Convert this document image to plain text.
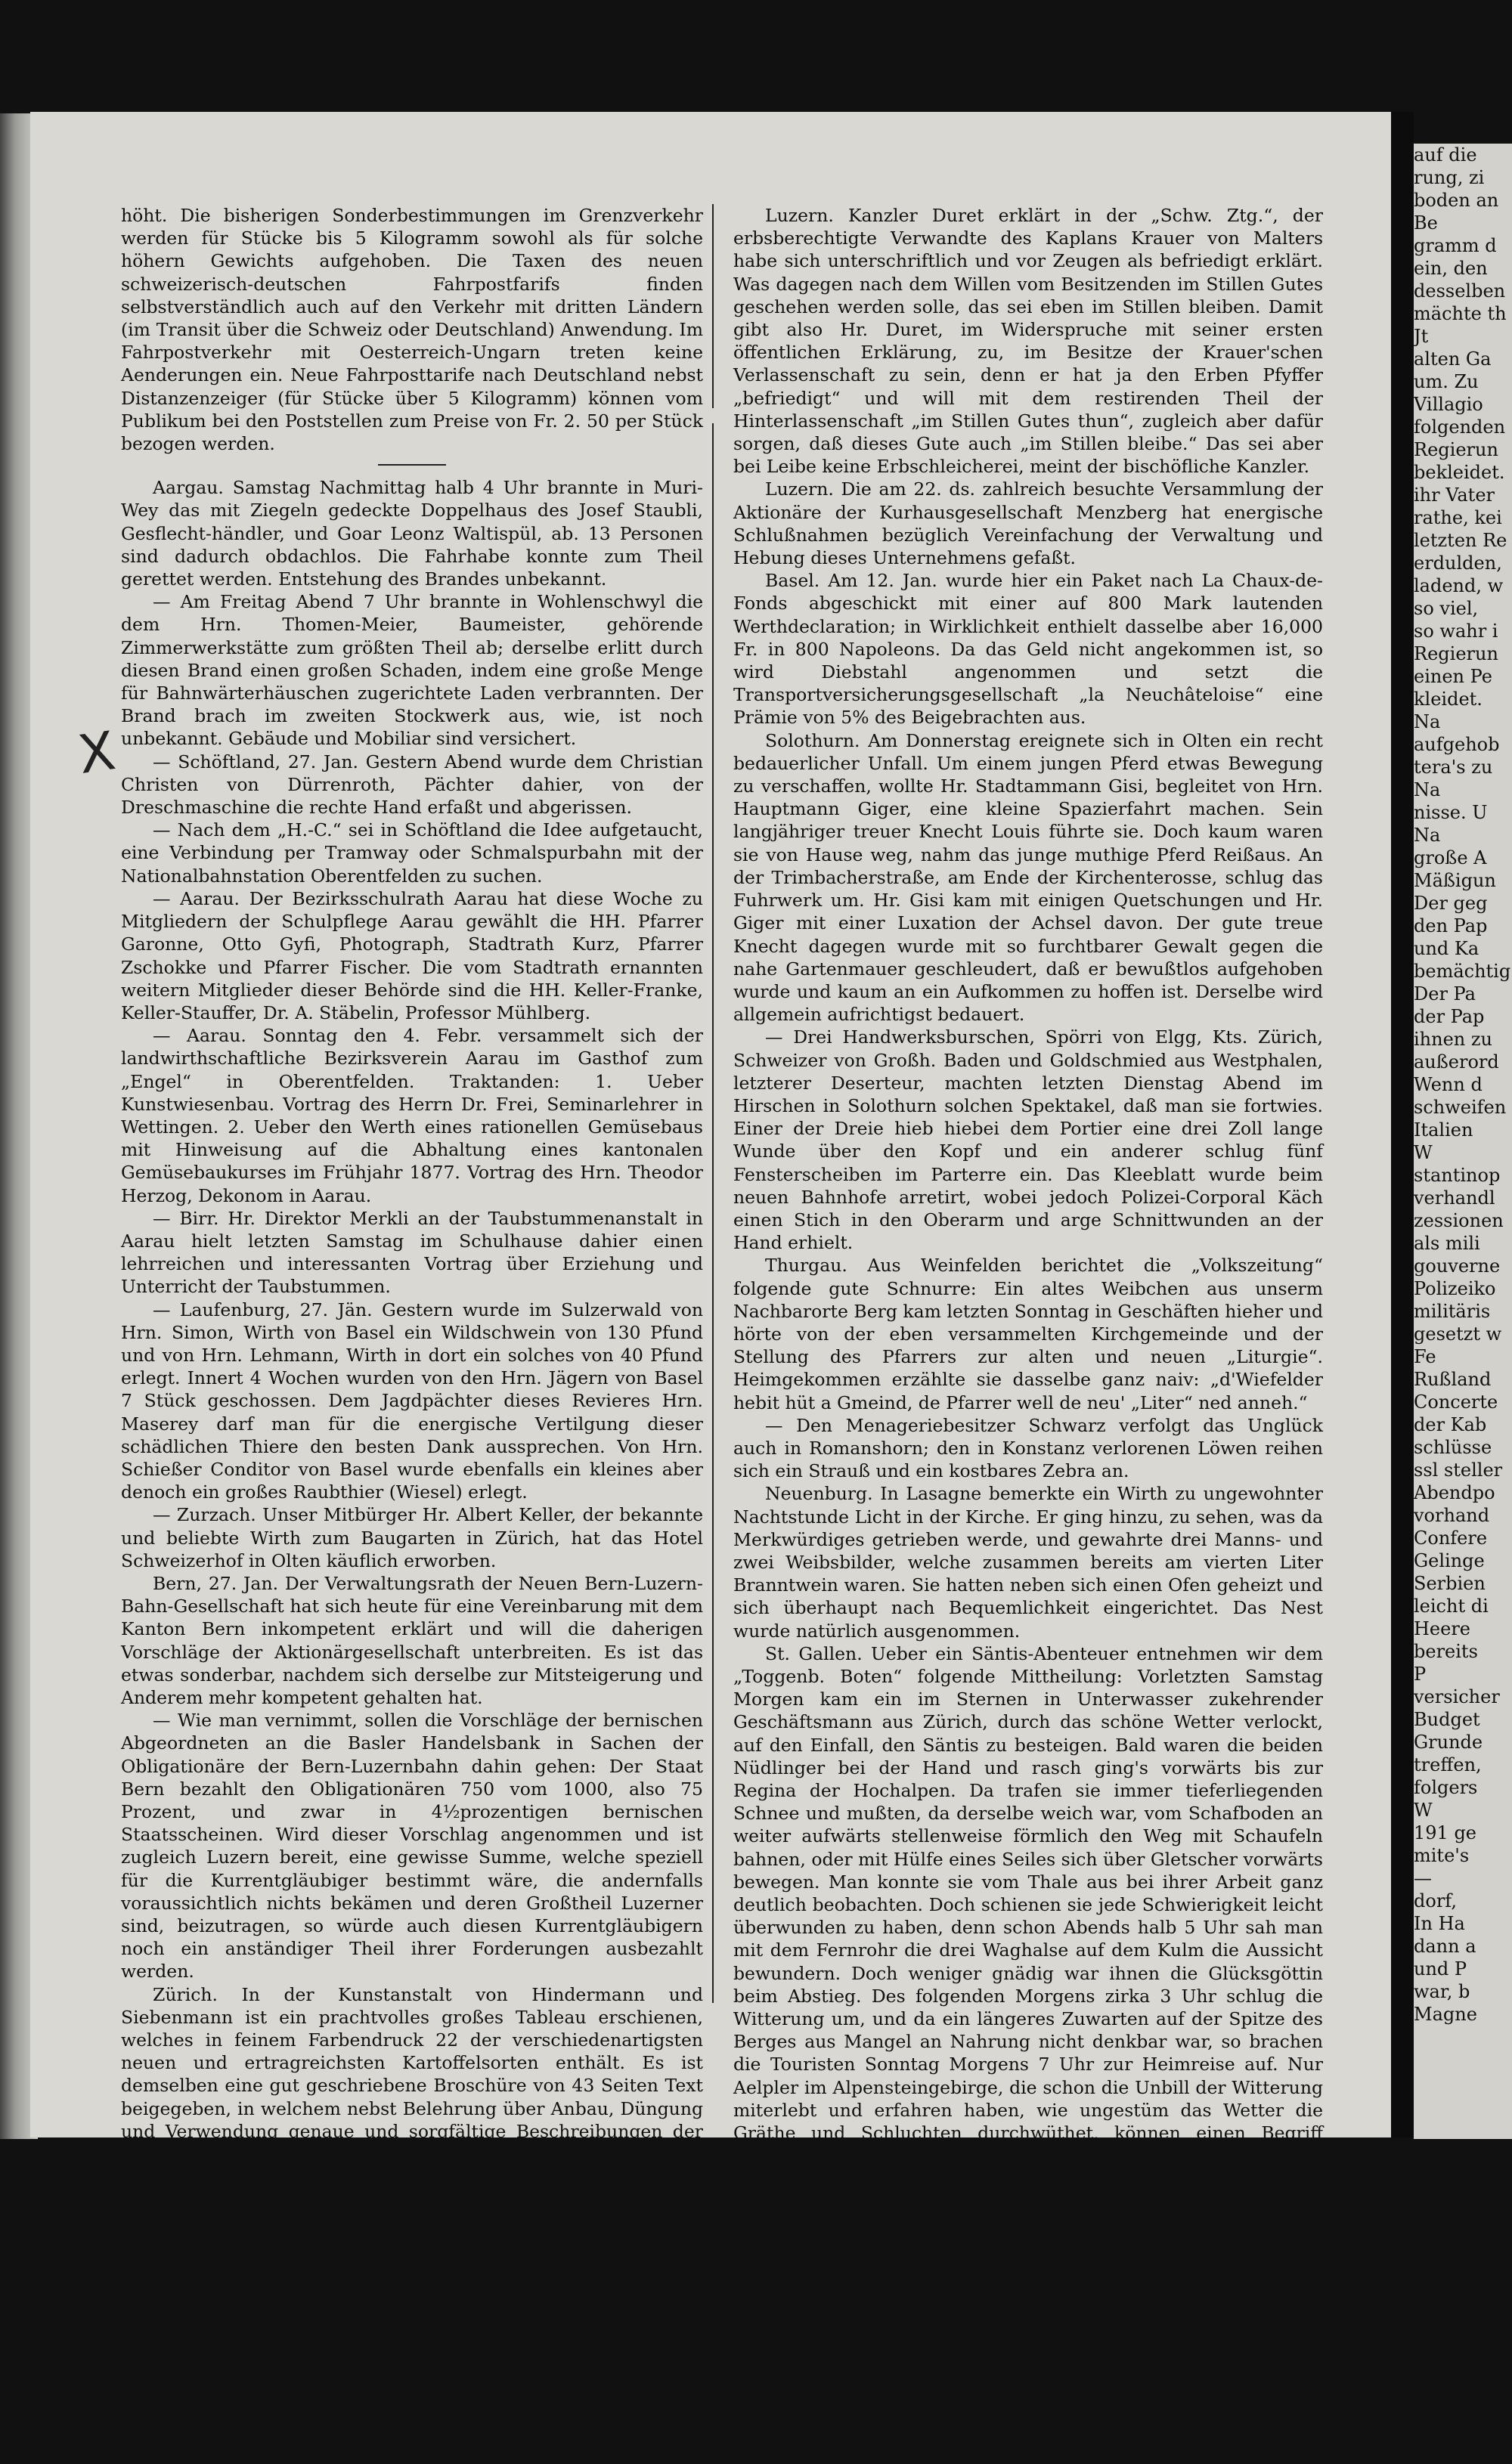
auf die

rung, zi

boden an

Be

gramm d

ein, den

desselben

mächte th

Jt

alten Ga

um. Zu

Villagio

folgenden

Regierun

bekleidet.

ihr Vater

rathe, kei

letzten Re

erdulden,

ladend, w

so viel,

so wahr i

Regierun

einen Pe

kleidet.

Na

aufgehob

tera's zu

Na

nisse. U

Na

große A

Mäßigun

Der geg

den Pap

und Ka

bemächtig

Der Pa

der Pap

ihnen zu

außerord

Wenn d

schweifen

Italien

W

stantinop

verhandl

zessionen

als mili

gouverne

Polizeiko

militäris

gesetzt w

Fe

Rußland

Concerte

der Kab

schlüsse

ssl steller

Abendpo

vorhand

Confere

Gelinge

Serbien

leicht di

Heere

bereits

P

versicher

Budget

Grunde

treffen,

folgers

W

191 ge

mite's

—

dorf,

In Ha

dann a

und P

war, b

Magne

X

höht. Die bisherigen Sonderbestimmungen im Grenzverkehr werden für Stücke bis 5 Kilogramm sowohl als für solche höhern Gewichts aufgehoben. Die Taxen des neuen schweizerisch-deutschen Fahrpostfarifs finden selbstverständlich auch auf den Verkehr mit dritten Ländern (im Transit über die Schweiz oder Deutschland) Anwendung. Im Fahrpostverkehr mit Oesterreich-Ungarn treten keine Aenderungen ein. Neue Fahrposttarife nach Deutschland nebst Distanzenzeiger (für Stücke über 5 Kilogramm) können vom Publikum bei den Poststellen zum Preise von Fr. 2. 50 per Stück bezogen werden.

Aargau. Samstag Nachmittag halb 4 Uhr brannte in Muri-Wey das mit Ziegeln gedeckte Doppelhaus des Josef Staubli, Gesflecht-händler, und Goar Leonz Waltispül, ab. 13 Personen sind dadurch obdachlos. Die Fahrhabe konnte zum Theil gerettet werden. Entstehung des Brandes unbekannt.

— Am Freitag Abend 7 Uhr brannte in Wohlenschwyl die dem Hrn. Thomen-Meier, Baumeister, gehörende Zimmerwerkstätte zum größten Theil ab; derselbe erlitt durch diesen Brand einen großen Schaden, indem eine große Menge für Bahnwärterhäuschen zugerichtete Laden verbrannten. Der Brand brach im zweiten Stockwerk aus, wie, ist noch unbekannt. Gebäude und Mobiliar sind versichert.

— Schöftland, 27. Jan. Gestern Abend wurde dem Christian Christen von Dürrenroth, Pächter dahier, von der Dreschmaschine die rechte Hand erfaßt und abgerissen.

— Nach dem „H.-C.“ sei in Schöftland die Idee aufgetaucht, eine Verbindung per Tramway oder Schmalspurbahn mit der Nationalbahnstation Oberentfelden zu suchen.

— Aarau. Der Bezirksschulrath Aarau hat diese Woche zu Mitgliedern der Schulpflege Aarau gewählt die HH. Pfarrer Garonne, Otto Gyfi, Photograph, Stadtrath Kurz, Pfarrer Zschokke und Pfarrer Fischer. Die vom Stadtrath ernannten weitern Mitglieder dieser Behörde sind die HH. Keller-Franke, Keller-Stauffer, Dr. A. Stäbelin, Professor Mühlberg.

— Aarau. Sonntag den 4. Febr. versammelt sich der landwirthschaftliche Bezirksverein Aarau im Gasthof zum „Engel“ in Oberentfelden. Traktanden: 1. Ueber Kunstwiesenbau. Vortrag des Herrn Dr. Frei, Seminarlehrer in Wettingen. 2. Ueber den Werth eines rationellen Gemüsebaus mit Hinweisung auf die Abhaltung eines kantonalen Gemüsebaukurses im Frühjahr 1877. Vortrag des Hrn. Theodor Herzog, Dekonom in Aarau.

— Birr. Hr. Direktor Merkli an der Taubstummenanstalt in Aarau hielt letzten Samstag im Schulhause dahier einen lehrreichen und interessanten Vortrag über Erziehung und Unterricht der Taubstummen.

— Laufenburg, 27. Jän. Gestern wurde im Sulzerwald von Hrn. Simon, Wirth von Basel ein Wildschwein von 130 Pfund und von Hrn. Lehmann, Wirth in dort ein solches von 40 Pfund erlegt. Innert 4 Wochen wurden von den Hrn. Jägern von Basel 7 Stück geschossen. Dem Jagdpächter dieses Revieres Hrn. Maserey darf man für die energische Vertilgung dieser schädlichen Thiere den besten Dank aussprechen. Von Hrn. Schießer Conditor von Basel wurde ebenfalls ein kleines aber denoch ein großes Raubthier (Wiesel) erlegt.

— Zurzach. Unser Mitbürger Hr. Albert Keller, der bekannte und beliebte Wirth zum Baugarten in Zürich, hat das Hotel Schweizerhof in Olten käuflich erworben.

Bern, 27. Jan. Der Verwaltungsrath der Neuen Bern-Luzern-Bahn-Gesellschaft hat sich heute für eine Vereinbarung mit dem Kanton Bern inkompetent erklärt und will die daherigen Vorschläge der Aktionärgesellschaft unterbreiten. Es ist das etwas sonderbar, nachdem sich derselbe zur Mitsteigerung und Anderem mehr kompetent gehalten hat.

— Wie man vernimmt, sollen die Vorschläge der bernischen Abgeordneten an die Basler Handelsbank in Sachen der Obligationäre der Bern-Luzernbahn dahin gehen: Der Staat Bern bezahlt den Obligationären 750 vom 1000, also 75 Prozent, und zwar in 4½prozentigen bernischen Staatsscheinen. Wird dieser Vorschlag angenommen und ist zugleich Luzern bereit, eine gewisse Summe, welche speziell für die Kurrentgläubiger bestimmt wäre, die andernfalls voraussichtlich nichts bekämen und deren Großtheil Luzerner sind, beizutragen, so würde auch diesen Kurrentgläubigern noch ein anständiger Theil ihrer Forderungen ausbezahlt werden.

Zürich. In der Kunstanstalt von Hindermann und Siebenmann ist ein prachtvolles großes Tableau erschienen, welches in feinem Farbendruck 22 der verschiedenartigsten neuen und ertragreichsten Kartoffelsorten enthält. Es ist demselben eine gut geschriebene Broschüre von 43 Seiten Text beigegeben, in welchem nebst Belehrung über Anbau, Düngung und Verwendung genaue und sorgfältige Beschreibungen der einzelnen Sorten und ihrer Ertragsverhältnisse gegeben sind. Der äußerst billige Preis des Ganzen, 6 Fr., sollte jeden Landwirth veranlassen, das Werk zu bestellen; es ist bis dahin einzig in seiner Art hier zu Lande und dürften sich die Auslagen durch die Möglichkeit, auch nur eine gute Sorte zu wählen, resp. nach Anleitung anzubauen, reichlich vergüten.

— Schweizerischer Verein junger Kaufleute. Beim Zentral-Stellenvermittlungsbureau dieses Vereins in Zürich sind im ersten halben Jahre seines Bestehens, vom 1. Juli bis 31. Dez. 1876, 293 Stellengesuche und 161 Vakanzaufgaben eingereicht worden; von den letztern wurden 20 wieder zurückgezogen, 56 durch Vermittlung des Bureau und 44 ohne dessen Mitwirkung besetzt; es bleiben demnach zu Ende Dezbr. noch 41 vakante Stellen zu besetzen übrig.

Luzern. Kanzler Duret erklärt in der „Schw. Ztg.“, der erbsberechtigte Verwandte des Kaplans Krauer von Malters habe sich unterschriftlich und vor Zeugen als befriedigt erklärt. Was dagegen nach dem Willen vom Besitzenden im Stillen Gutes geschehen werden solle, das sei eben im Stillen bleiben. Damit gibt also Hr. Duret, im Widerspruche mit seiner ersten öffentlichen Erklärung, zu, im Besitze der Krauer'schen Verlassenschaft zu sein, denn er hat ja den Erben Pfyffer „befriedigt“ und will mit dem restirenden Theil der Hinterlassenschaft „im Stillen Gutes thun“, zugleich aber dafür sorgen, daß dieses Gute auch „im Stillen bleibe.“ Das sei aber bei Leibe keine Erbschleicherei, meint der bischöfliche Kanzler.

Luzern. Die am 22. ds. zahlreich besuchte Versammlung der Aktionäre der Kurhausgesellschaft Menzberg hat energische Schlußnahmen bezüglich Vereinfachung der Verwaltung und Hebung dieses Unternehmens gefaßt.

Basel. Am 12. Jan. wurde hier ein Paket nach La Chaux-de-Fonds abgeschickt mit einer auf 800 Mark lautenden Werthdeclaration; in Wirklichkeit enthielt dasselbe aber 16,000 Fr. in 800 Napoleons. Da das Geld nicht angekommen ist, so wird Diebstahl angenommen und setzt die Transportversicherungsgesellschaft „la Neuchâteloise“ eine Prämie von 5% des Beigebrachten aus.

Solothurn. Am Donnerstag ereignete sich in Olten ein recht bedauerlicher Unfall. Um einem jungen Pferd etwas Bewegung zu verschaffen, wollte Hr. Stadtammann Gisi, begleitet von Hrn. Hauptmann Giger, eine kleine Spazierfahrt machen. Sein langjähriger treuer Knecht Louis führte sie. Doch kaum waren sie von Hause weg, nahm das junge muthige Pferd Reißaus. An der Trimbacherstraße, am Ende der Kirchenterosse, schlug das Fuhrwerk um. Hr. Gisi kam mit einigen Quetschungen und Hr. Giger mit einer Luxation der Achsel davon. Der gute treue Knecht dagegen wurde mit so furchtbarer Gewalt gegen die nahe Gartenmauer geschleudert, daß er bewußtlos aufgehoben wurde und kaum an ein Aufkommen zu hoffen ist. Derselbe wird allgemein aufrichtigst bedauert.

— Drei Handwerksburschen, Spörri von Elgg, Kts. Zürich, Schweizer von Großh. Baden und Goldschmied aus Westphalen, letzterer Deserteur, machten letzten Dienstag Abend im Hirschen in Solothurn solchen Spektakel, daß man sie fortwies. Einer der Dreie hieb hiebei dem Portier eine drei Zoll lange Wunde über den Kopf und ein anderer schlug fünf Fensterscheiben im Parterre ein. Das Kleeblatt wurde beim neuen Bahnhofe arretirt, wobei jedoch Polizei-Corporal Käch einen Stich in den Oberarm und arge Schnittwunden an der Hand erhielt.

Thurgau. Aus Weinfelden berichtet die „Volkszeitung“ folgende gute Schnurre: Ein altes Weibchen aus unserm Nachbarorte Berg kam letzten Sonntag in Geschäften hieher und hörte von der eben versammelten Kirchgemeinde und der Stellung des Pfarrers zur alten und neuen „Liturgie“. Heimgekommen erzählte sie dasselbe ganz naiv: „d'Wiefelder hebit hüt a Gmeind, de Pfarrer well de neu' „Liter“ ned anneh.“

— Den Menageriebesitzer Schwarz verfolgt das Unglück auch in Romanshorn; den in Konstanz verlorenen Löwen reihen sich ein Strauß und ein kostbares Zebra an.

Neuenburg. In Lasagne bemerkte ein Wirth zu ungewohnter Nachtstunde Licht in der Kirche. Er ging hinzu, zu sehen, was da Merkwürdiges getrieben werde, und gewahrte drei Manns- und zwei Weibsbilder, welche zusammen bereits am vierten Liter Branntwein waren. Sie hatten neben sich einen Ofen geheizt und sich überhaupt nach Bequemlichkeit eingerichtet. Das Nest wurde natürlich ausgenommen.

St. Gallen. Ueber ein Säntis-Abenteuer entnehmen wir dem „Toggenb. Boten“ folgende Mittheilung: Vorletzten Samstag Morgen kam ein im Sternen in Unterwasser zukehrender Geschäftsmann aus Zürich, durch das schöne Wetter verlockt, auf den Einfall, den Säntis zu besteigen. Bald waren die beiden Nüdlinger bei der Hand und rasch ging's vorwärts bis zur Regina der Hochalpen. Da trafen sie immer tieferliegenden Schnee und mußten, da derselbe weich war, vom Schafboden an weiter aufwärts stellenweise förmlich den Weg mit Schaufeln bahnen, oder mit Hülfe eines Seiles sich über Gletscher vorwärts bewegen. Man konnte sie vom Thale aus bei ihrer Arbeit ganz deutlich beobachten. Doch schienen sie jede Schwierigkeit leicht überwunden zu haben, denn schon Abends halb 5 Uhr sah man mit dem Fernrohr die drei Waghalse auf dem Kulm die Aussicht bewundern. Doch weniger gnädig war ihnen die Glücksgöttin beim Abstieg. Des folgenden Morgens zirka 3 Uhr schlug die Witterung um, und da ein längeres Zuwarten auf der Spitze des Berges aus Mangel an Nahrung nicht denkbar war, so brachen die Touristen Sonntag Morgens 7 Uhr zur Heimreise auf. Nur Aelpler im Alpensteingebirge, die schon die Unbill der Witterung miterlebt und erfahren haben, wie ungestüm das Wetter die Gräthe und Schluchten durchwüthet, können einen Begriff haben, in welch' fürchterlicher Situation sich die Drei befanden. Vom heftigsten Schneesturm umtobt, vom dichtesten Nebel eingehüllt, zeitweise kaum einmal die eigene Hand vor sich sehend, arbeiteten sie sich vorwärts, jeden Augenblick in der Gefahr schwebend, etwa an einem Grathe, in einer trügerischen Schneeveranda zu verschwinden, oder in einer Staublawine, deren mehrere vor und hinter ihnen thalwärts stürzten, fortgerissen zu werden. Da die Witterung selbst im Thale sich derart zeigte, daß man nur Schlimmes für die Bergsteiger ahnen konnte, entschloß sich der Sohn des einen Führers, von noch Zweien begleitet, gut verproviantirt, den Bedrängten entgegenzugehen, und sie trafen dann glücklich auf der Grenze zwischen Schafboden und Flies aufeinander. Ein frischer Trunk und ein Stück Schinken half den Ermüdeten wieder
